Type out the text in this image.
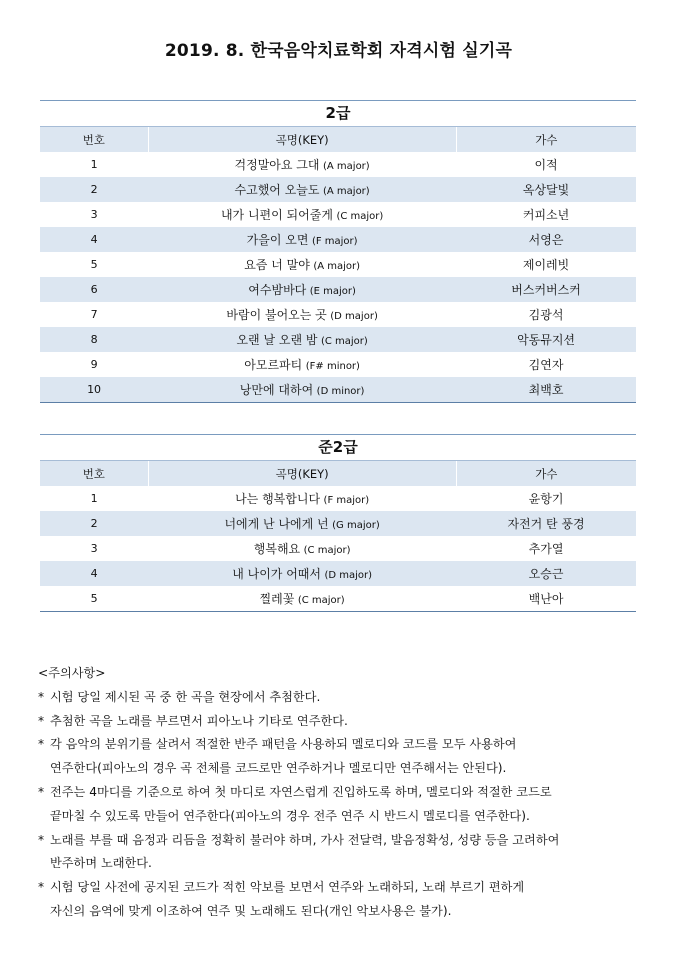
2019. 8. 한국음악치료학회 자격시험 실기곡
2급
번호	곡명(KEY)	가수
1	걱정말아요 그대 (A major)	이적
2	수고했어 오늘도 (A major)	옥상달빛
3	내가 니편이 되어줄게 (C major)	커피소년
4	가을이 오면 (F major)	서영은
5	요즘 너 말야 (A major)	제이레빗
6	여수밤바다 (E major)	버스커버스커
7	바람이 불어오는 곳 (D major)	김광석
8	오랜 날 오랜 밤 (C major)	악동뮤지션
9	아모르파티 (F# minor)	김연자
10	낭만에 대하여 (D minor)	최백호
준2급
번호	곡명(KEY)	가수
1	나는 행복합니다 (F major)	윤항기
2	너에게 난 나에게 넌 (G major)	자전거 탄 풍경
3	행복해요 (C major)	추가열
4	내 나이가 어때서 (D major)	오승근
5	찔레꽃 (C major)	백난아
<주의사항>
* 시험 당일 제시된 곡 중 한 곡을 현장에서 추첨한다.
* 추첨한 곡을 노래를 부르면서 피아노나 기타로 연주한다.
* 각 음악의 분위기를 살려서 적절한 반주 패턴을 사용하되 멜로디와 코드를 모두 사용하여
연주한다(피아노의 경우 곡 전체를 코드로만 연주하거나 멜로디만 연주해서는 안된다).
* 전주는 4마디를 기준으로 하여 첫 마디로 자연스럽게 진입하도록 하며, 멜로디와 적절한 코드로
끝마칠 수 있도록 만들어 연주한다(피아노의 경우 전주 연주 시 반드시 멜로디를 연주한다).
* 노래를 부를 때 음정과 리듬을 정확히 불러야 하며, 가사 전달력, 발음정확성, 성량 등을 고려하여
반주하며 노래한다.
* 시험 당일 사전에 공지된 코드가 적힌 악보를 보면서 연주와 노래하되, 노래 부르기 편하게
자신의 음역에 맞게 이조하여 연주 및 노래해도 된다(개인 악보사용은 불가).
